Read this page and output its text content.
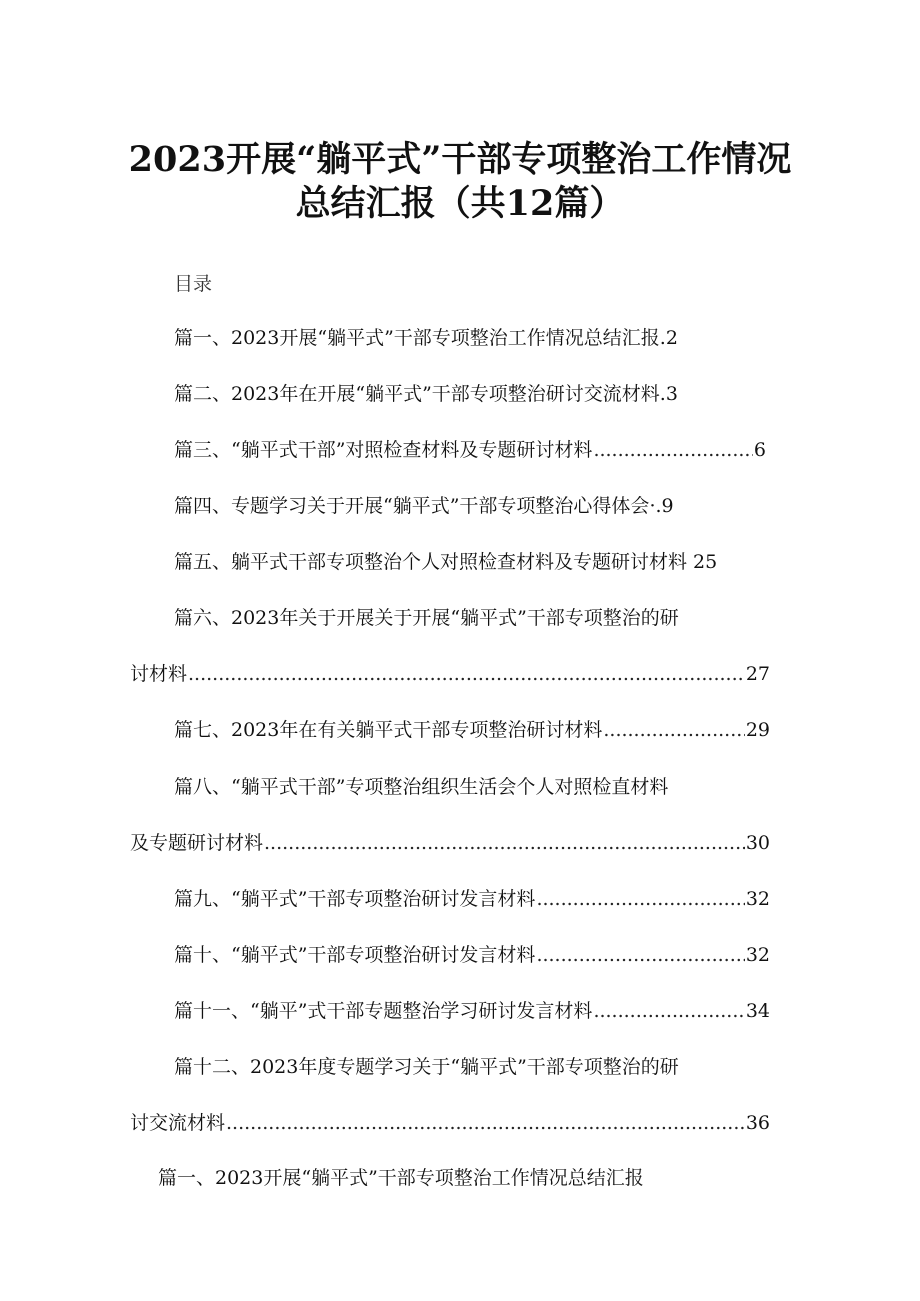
2023开展“躺平式”干部专项整治工作情况
总结汇报（共12篇）
目录
篇一、2023开展“躺平式”干部专项整治工作情况总结汇报 .2
篇二、2023年在开展“躺平式”干部专项整治研讨交流材料 .3
篇三、“躺平式干部”对照检查材料及专题研讨材料 .....	6
篇四、专题学习关于开展“躺平式”干部专项整治心得体会 ·.9
篇五、躺平式干部专项整治个人对照检查材料及专题研讨材料 25
篇六、2023年关于开展关于开展“躺平式”干部专项整治的研
讨材料 .....	27
篇七、2023年在有关躺平式干部专项整治研讨材料 .....	29
篇八、“躺平式干部”专项整治组织生活会个人对照检直材料
及专题研讨材料 .....	30
篇九、“躺平式”干部专项整治研讨发言材料 .....	32
篇十、“躺平式”干部专项整治研讨发言材料 .....	32
篇十一、“躺平”式干部专题整治学习研讨发言材料 .....	34
篇十二、2023年度专题学习关于“躺平式”干部专项整治的研
讨交流材料 .....	36
篇一、2023开展“躺平式”干部专项整治工作情况总结汇报
